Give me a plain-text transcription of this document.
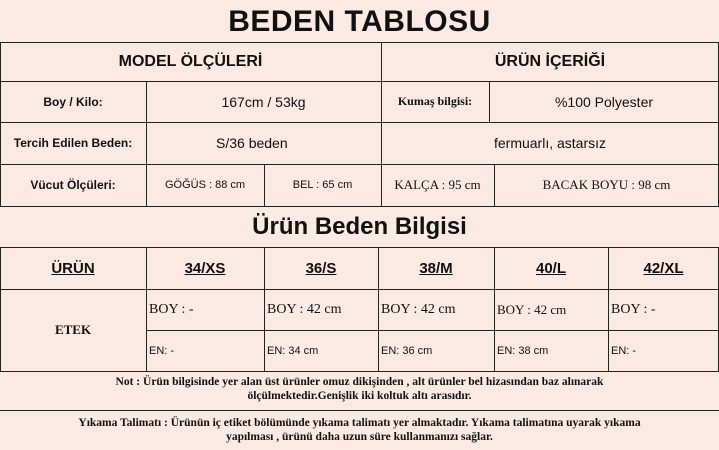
BEDEN TABLOSU
MODEL ÖLÇÜLERİ	ÜRÜN İÇERİĞİ
Boy / Kilo:	167cm / 53kg	Kumaş bilgisi:	%100 Polyester
Tercih Edilen Beden:	S/36 beden	fermuarlı, astarsız
Vücut Ölçüleri:	GÖĞÜS : 88 cm	BEL : 65 cm	KALÇA : 95 cm	BACAK BOYU : 98 cm
Ürün Beden Bilgisi
ÜRÜN	34/XS	36/S	38/M	40/L	42/XL
ETEK
BOY : -	BOY : 42 cm	BOY : 42 cm	BOY : 42 cm	BOY : -
EN: -	EN: 34 cm	EN: 36 cm	EN: 38 cm	EN: -
Not : Ürün bilgisinde yer alan üst ürünler omuz dikişinden , alt ürünler bel hizasından baz alınarak
ölçülmektedir.Genişlik iki koltuk altı arasıdır.
Yıkama Talimatı : Ürünün iç etiket bölümünde yıkama talimatı yer almaktadır. Yıkama talimatına uyarak yıkama
yapılması , ürünü daha uzun süre kullanmanızı sağlar.
